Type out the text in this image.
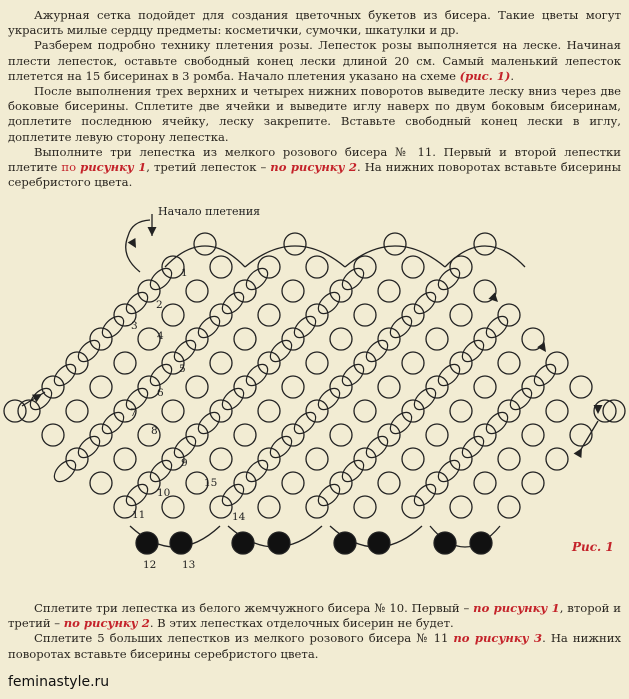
Ажурная сетка подойдет для создания цветочных букетов из бисера. Такие цветы могут украсить милые сердцу предметы: косметички, сумочки, шкатулки и др.

Разберем подробно технику плетения розы. Лепесток розы выполняется на леске. Начиная плести лепесток, оставьте свободный конец лески длиной 20 см. Самый маленький лепесток плетется на 15 бисеринах в 3 ромба. Начало плетения указано на схеме (рис. 1).

После выполнения трех верхних и четырех нижних поворотов выведите леску вниз через две боковые бисерины. Сплетите две ячейки и выведите иглу наверх по двум боковым бисеринам, доплетите последнюю ячейку, леску закрепите. Вставьте свободный конец лески в иглу, доплетите левую сторону лепестка.

Выполните три лепестка из мелкого розового бисера № 11. Первый и второй лепестки плетите по рисунку 1, третий лепесток – по рисунку 2. На нижних поворотах вставьте бисерины серебристого цвета.

Начало плетения
1
2
3
4
5
6
7
8
9
10
11
12 13
14
15
Рис. 1

Сплетите три лепестка из белого жемчужного бисера № 10. Первый – по рисунку 1, второй и третий – по рисунку 2. В этих лепестках отделочных бисерин не будет.

Сплетите 5 больших лепестков из мелкого розового бисера № 11 по рисунку 3. На нижних поворотах вставьте бисерины серебристого цвета.

feminastyle.ru
